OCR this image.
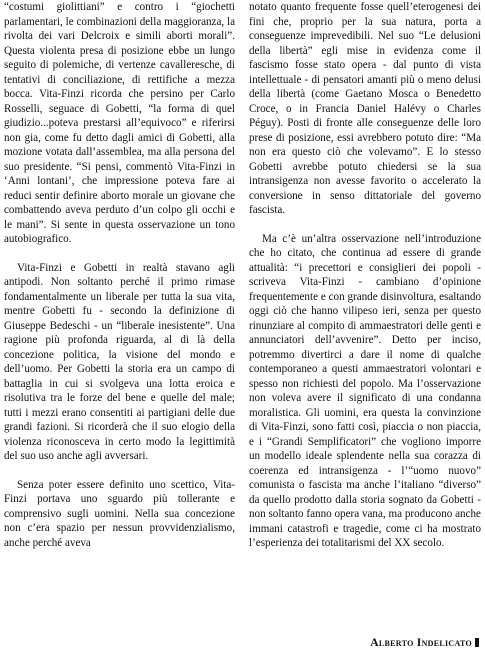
“costumi giolittiani” e contro i “giochetti parlamentari, le combinazioni della maggioranza, la rivolta dei vari Delcroix e simili aborti morali”. Questa violenta presa di posizione ebbe un lungo seguito di polemiche, di vertenze cavalleresche, di tentativi di conciliazione, di rettifiche a mezza bocca. Vita-Finzi ricorda che persino per Carlo Rosselli, seguace di Gobetti, “la forma di quel giudizio...poteva prestarsi all’equivoco” e riferirsi non gia, come fu detto dagli amici di Gobetti, alla mozione votata dall’assemblea, ma alla persona del suo presidente. “Si pensi, commentò Vita-Finzi in ‘Anni lontani’, che impressione poteva fare ai reduci sentir definire aborto morale un giovane che combattendo aveva perduto d’un colpo gli occhi e le mani”. Si sente in questa osservazione un tono autobiografico.

Vita-Finzi e Gobetti in realtà stavano agli antipodi. Non soltanto perché il primo rimase fondamentalmente un liberale per tutta la sua vita, mentre Gobetti fu - secondo la definizione di Giuseppe Bedeschi - un “liberale inesistente”. Una ragione più profonda riguarda, al di là della concezione politica, la visione del mondo e dell’uomo. Per Gobetti la storia era un campo di battaglia in cui si svolgeva una lotta eroica e risolutiva tra le forze del bene e quelle del male; tutti i mezzi erano consentiti ai partigiani delle due grandi fazioni. Si ricorderà che il suo elogio della violenza riconosceva in certo modo la legittimità del suo uso anche agli avversari.

Senza poter essere definito uno scettico, Vita-Finzi portava uno sguardo più tollerante e comprensivo sugli uomini. Nella sua concezione non c’era spazio per nessun provvidenzialismo, anche perché aveva

notato quanto frequente fosse quell’eterogenesi dei fini che, proprio per la sua natura, porta a conseguenze imprevedibili. Nel suo “Le delusioni della libertà” egli mise in evidenza come il fascismo fosse stato opera - dal punto di vista intellettuale - di pensatori amanti più o meno delusi della libertà (come Gaetano Mosca o Benedetto Croce, o in Francia Daniel Halévy o Charles Péguy). Posti di fronte alle conseguenze delle loro prese di posizione, essi avrebbero potuto dire: “Ma non era questo ciò che volevamo”. E lo stesso Gobetti avrebbe potuto chiedersi se la sua intransigenza non avesse favorito o accelerato la conversione in senso dittatoriale del governo fascista.

Ma c’è un’altra osservazione nell’introduzione che ho citato, che continua ad essere di grande attualità: “i precettori e consiglieri dei popoli - scriveva Vita-Finzi - cambiano d’opinione frequentemente e con grande disinvoltura, esaltando oggi ciò che hanno vilipeso ieri, senza per questo rinunziare al compito di ammaestratori delle genti e annunciatori dell’avvenire”. Detto per inciso, potremmo divertirci a dare il nome di qualche contemporaneo a questi ammaestratori volontari e spesso non richiesti del popolo. Ma l’osservazione non voleva avere il significato di una condanna moralistica. Gli uomini, era questa la convinzione di Vita-Finzi, sono fatti così, piaccia o non piaccia, e i “Grandi Semplificatori” che vogliono imporre un modello ideale splendente nella sua corazza di coerenza ed intransigenza - l’“uomo nuovo” comunista o fascista ma anche l’italiano “diverso” da quello prodotto dalla storia sognato da Gobetti - non soltanto fanno opera vana, ma producono anche immani catastrofi e tragedie, come ci ha mostrato l’esperienza dei totalitarismi del XX secolo.

Alberto Indelicato
